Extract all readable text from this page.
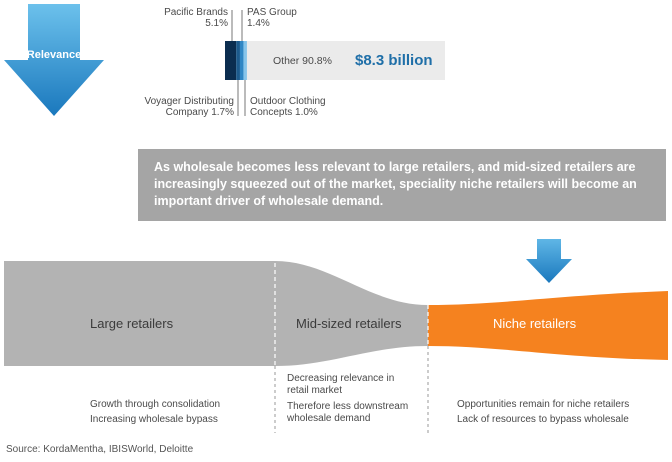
Relevance
Pacific Brands
5.1%
PAS Group
1.4%
Voyager Distributing
Company 1.7%
Outdoor Clothing
Concepts 1.0%
Other 90.8% $8.3 billion
As wholesale becomes less relevant to large retailers, and mid-sized retailers are increasingly squeezed out of the market, speciality niche retailers will become an important driver of wholesale demand.
Large retailers	Mid-sized retailers	Niche retailers
Growth through consolidation
Increasing wholesale bypass
Decreasing relevance in
retail market
Therefore less downstream
wholesale demand
Opportunities remain for niche retailers
Lack of resources to bypass wholesale
Source: KordaMentha, IBISWorld, Deloitte
